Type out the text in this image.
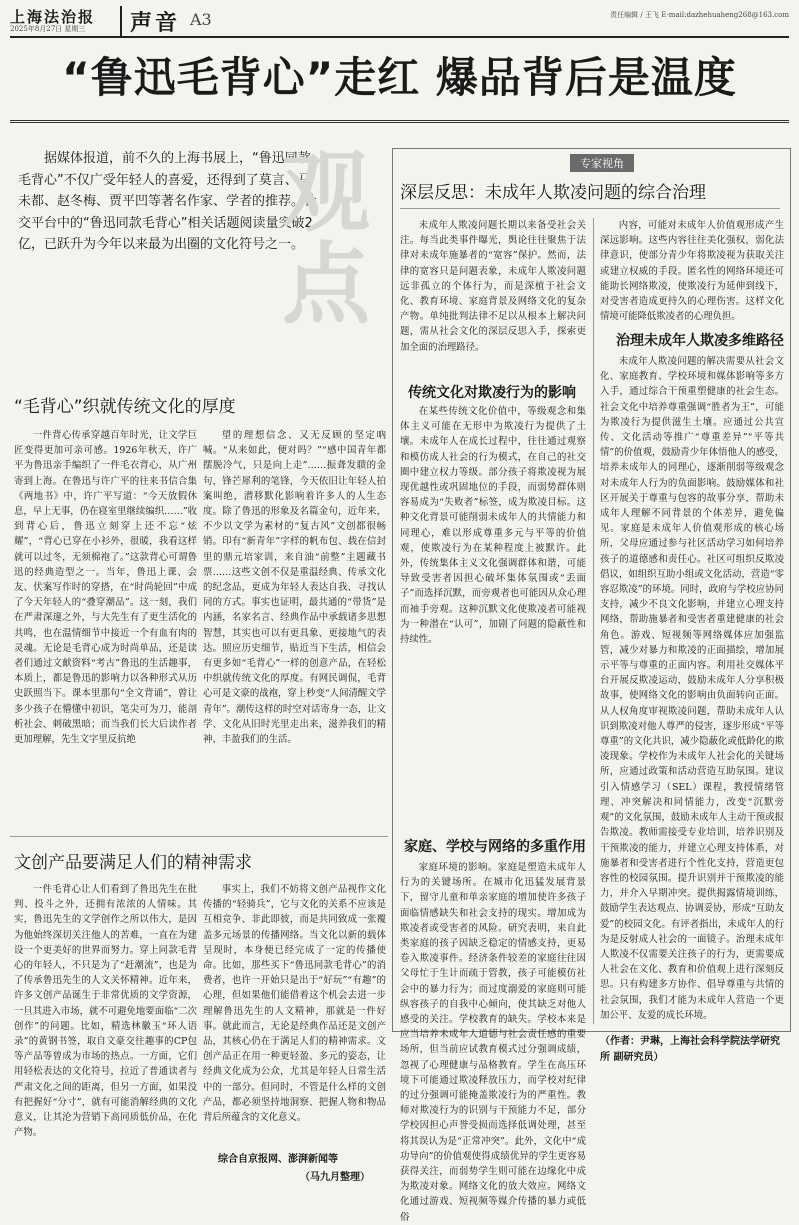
上海法治报
2025年8月27日 星期三	声音 A3	责任编辑 / 王飞 E-mail:dazhehuaheng268@163.com
“鲁迅毛背心”走红 爆品背后是温度
据媒体报道，前不久的上海书展上，“鲁迅同款毛背心”不仅广受年轻人的喜爱，还得到了莫言、马未都、赵冬梅、贾平凹等著名作家、学者的推荐。社交平台中的“鲁迅同款毛背心”相关话题阅读量突破2亿，已跃升为今年以来最为出圈的文化符号之一。
观
点
“毛背心”织就传统文化的厚度
一件背心传承穿越百年时光，让文学巨匠变得更加可亲可感。1926年秋天，许广平为鲁迅亲手编织了一件毛衣背心，从广州寄到上海。在鲁迅与许广平的往来书信合集《两地书》中，许广平写道：“今天放假休息，早上无事，仍在寝室里继续编织……”收到背心后，鲁迅立刻穿上还不忘“炫耀”，“背心已穿在小衫外，很暖，我看这样就可以过冬，无须棉袍了。”这款背心可谓鲁迅的经典造型之一。当年，鲁迅上课、会友、伏案写作时的穿搭，在“时尚轮回”中成了今天年轻人的“叠穿潮品”。这一刻，我们在严肃深邃之外，与大先生有了更生活化的共鸣，也在温情细节中接近一个有血有肉的灵魂。无论是毛背心成为时尚单品，还是读者们通过文献资料“考古”鲁迅的生活趣事，本质上，都是鲁迅的影响力以各种形式从历史跃照当下。课本里那句“全文背诵”，曾让多少孩子在懵懂中初识，笔尖可为刀，能剖析社会、刺破黑暗；而当我们长大后读作者更加理解，先生文字里反抗绝
望的理想信念、又无反顾的坚定吶喊。“从来如此，便对吗？”“感中国青年都摆脱冷气，只是向上走”……振聋发聩的金句，锋芒犀利的笔锋，今天依旧让年轻人拍案叫绝，潜移默化影响着许多人的人生态度。除了鲁迅的形象及名篇金句，近年来，不少以文学为素材的“复古风”文创都很畅销。印有“新青年”字样的帆布包、载在信封里的鼎元培家训，来自油“前整”主题藏书票……这些文创不仅是重温经典、传承文化的纪念品，更成为年轻人表达自我、寻找认同的方式。事实也证明，最共通的“带货”是内涵，名家名言、经典作品中承载诸多思想智慧，其实也可以有更具象、更接地气的表达。照应历史细节，贴近当下生活，相信会有更多如“毛背心”一样的创意产品，在轻松中织就传统文化的厚度。有网民调侃，毛背心可是文豪的战袍，穿上秒变“人间清醒文学青年”。潮传这样的时空对话寄身一态，让文学、文化从旧时光里走出来，滋养我们的精神、丰盈我们的生活。
文创产品要满足人们的精神需求
一件毛背心让人们看到了鲁迅先生在批判、投斗之外，还拥有浓浓的人情味。其实，鲁迅先生的文学创作之所以伟大，是因为他始终深切关注他人的苦难，一直在为建设一个更美好的世界而努力。穿上同款毛背心的年轻人，不只是为了“赶潮流”，也是为了传承鲁迅先生的人文关怀精神。近年来，许多文创产品诞生于非常优质的文学资源，一旦其进入市场，就不可避免地要面临“二次创作”的问题。比如，精选林徽玉“环人语录”的黄钢书签，取自文豪交往趣事的CP包等产品等曾成为市场的热点。一方面，它们用轻松表达的文化符号，拉近了普通读者与严肃文化之间的距离，但另一方面，如果没有把握好“分寸”，就有可能消解经典的文化意义，让其沦为营销下高同质低价品，在化产物。
事实上，我们不妨将文创产品视作文化传播的“轻骑兵”，它与文化的关系不应该是互相竞争、非此即彼，而是共同致成一张覆盖多元场景的传播网络。当文化以新的载体呈现时，本身便已经完成了一定的传播使命。比如，那些买下“鲁迅同款毛背心”的消费者，也许一开始只是出于“好玩”“有趣”的心理，但如果他们能借着这个机会去进一步理解鲁迅先生的人文精神，那就是一件好事。就此而言，无论是经典作品还是文创产品，其核心仍在于满足人们的精神需求。文创产品正在用一种更轻盈、多元的姿态，让经典文化成为公众，尤其是年轻人日常生活中的一部分。但同时，不管是什么样的文创产品，都必须坚持地洞察、把握人物和物品背后所蕴含的文化意义。
综合自京报网、澎湃新闻等
（马九月整理）
专家视角
深层反思：未成年人欺凌问题的综合治理
未成年人欺凌问题长期以来备受社会关注。每当此类事件曝光，舆论往往聚焦于法律对未成年施暴者的“宽容”保护。然而，法律的宽容只是问题表象，未成年人欺凌问题远非孤立的个体行为，而是深植于社会文化、教育环境、家庭背景及网络文化的复杂产物。单纯批判法律不足以从根本上解决问题，需从社会文化的深层反思入手，探索更加全面的治理路径。
传统文化对欺凌行为的影响
在某些传统文化价值中，等级观念和集体主义可能在无形中为欺凌行为提供了土壤。未成年人在成长过程中，往往通过观察和模仿成人社会的行为模式，在自己的社交圈中建立权力等级。部分孩子将欺凌视为展现优越性或巩固地位的手段，而弱势群体则容易成为“失败者”标签，成为欺凌目标。这种文化背景可能削弱未成年人的共情能力和同理心，难以形成尊重多元与平等的价值观，使欺凌行为在某种程度上被默许。此外，传统集体主义文化强调群体和谐，可能导致受害者因担心破坏集体氛围或“丢面子”而选择沉默，而旁观者也可能因从众心理而袖手旁观。这种沉默文化使欺凌者可能视为一种潜在“认可”，加剧了问题的隐蔽性和持续性。
家庭、学校与网络的多重作用
家庭环境的影响。家庭是塑造未成年人行为的关键场所。在城市化迅猛发展背景下，留守儿童和单亲家庭的增加使许多孩子面临情感缺失和社会支持的现实。增加成为欺凌者或受害者的风险。研究表明，来自此类家庭的孩子因缺乏稳定的情感支持，更易卷入欺凌事件。经济条件较差的家庭往往因父母忙于生计而疏于管教，孩子可能模仿社会中的暴力行为；而过度溺爱的家庭则可能纵容孩子的自我中心倾向，使其缺乏对他人感受的关注。学校教育的缺失。学校本来是应当培养未成年人道德与社会责任感的重要场所，但当前应试教育模式过分强调成绩，忽视了心理健康与品格教育。学生在高压环境下可能通过欺凌释放压力，而学校对纪律的过分强调可能掩盖欺凌行为的严重性。教师对欺凌行为的识别与干预能力不足，部分学校因担心声誉受损而选择低调处理，甚至将其误认为是“正常冲突”。此外，文化中“成功导向”的价值观使得成绩优异的学生更容易获得关注，而弱势学生则可能在边缘化中成为欺凌对象。网络文化的放大效应。网络文化通过游戏、短视频等媒介传播的暴力或低俗
内容，可能对未成年人价值观形成产生深远影响。这些内容往往美化强权，弱化法律意识，使部分青少年将欺凌视为获取关注或建立权威的手段。匿名性的网络环境还可能助长网络欺凌，使欺凌行为延伸到线下，对受害者造成更持久的心理伤害。这样文化情境可能降低欺凌者的心理负担。
治理未成年人欺凌多维路径
未成年人欺凌问题的解决需要从社会文化、家庭教育、学校环境和媒体影响等多方入手，通过综合干预重塑健康的社会生态。社会文化中培养尊重强调“胜者为王”，可能为欺凌行为提供滋生土壤。应通过公共宣传、文化活动等推广“尊重差异”“平等共情”的价值观，鼓励青少年体悟他人的感受，培养未成年人的同理心，逐渐削弱等级观念对未成年人行为的负面影响。鼓励媒体和社区开展关于尊重与包容的故事分享，帮助未成年人理解不同背景的个体差异，避免偏见。家庭是未成年人价值观形成的核心场所，父母应通过参与社区活动学习如何培养孩子的道德感和责任心。社区可组织反欺凌倡议，如组织互助小组或文化活动，营造“零容忍欺凌”的环境。同时，政府与学校应协同支持，减少不良文化影响，并建立心理支持网络，帮助施暴者和受害者重建健康的社会角色。游戏、短视频等网络媒体应加强监管，减少对暴力和欺凌的正面描绘，增加展示平等与尊重的正面内容。利用社交媒体平台开展反欺凌运动，鼓励未成年人分享积极故事，使网络文化的影响由负面转向正面。从人权角度审视欺凌问题，帮助未成年人认识到欺凌对他人尊严的侵害，逐步形成“平等尊重”的文化共识，减少隐蔽化或低龄化的欺凌现象。学校作为未成年人社会化的关键场所，应通过政策和活动营造互助氛围。建议引入情感学习（SEL）课程，教授情绪管理、冲突解决和同情能力，改变“沉默旁观”的文化氛围，鼓励未成年人主动干预或报告欺凌。教师需接受专业培训，培养识别及干预欺凌的能力，并建立心理支持体系，对施暴者和受害者进行个性化支持，营造更包容性的校园氛围。提升识别并干预欺凌的能力，并介入早期冲突。提供揭露情境训练，鼓励学生表达观点、协调妥协，形成“互助友爱”的校园文化。有评者指出，未成年人的行为是反射成人社会的一面镜子。治理未成年人欺凌不仅需要关注孩子的行为，更需要成人社会在文化、教育和价值观上进行深刻反思。只有构建多方协作、倡导尊重与共情的社会氛围，我们才能为未成年人营造一个更加公平、友爱的成长环境。
（作者：尹琳，上海社会科学院法学研究所 副研究员）
